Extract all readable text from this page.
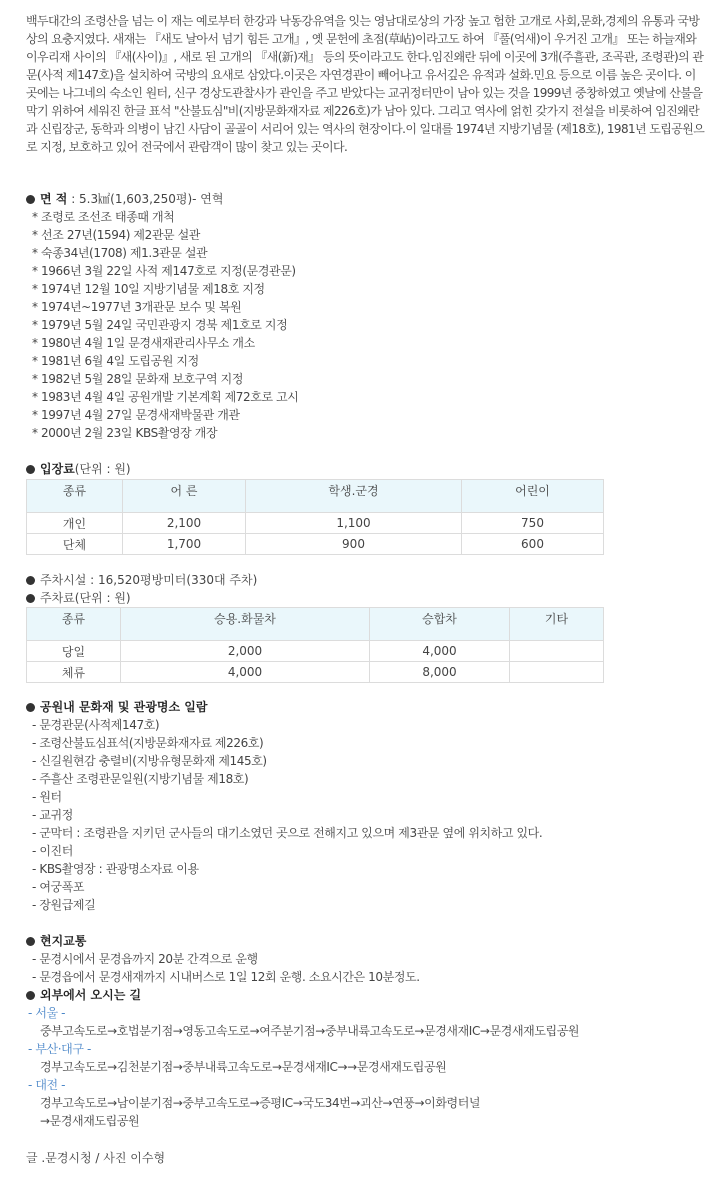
백두대간의 조령산을 넘는 이 재는 예로부터 한강과 낙동강유역을 잇는 영남대로상의 가장 높고 험한 고개로 사회,문화,경제의 유통과 국방상의 요충지였다. 새재는 『새도 날아서 넘기 힘든 고개』, 옛 문헌에 초점(草岾)이라고도 하여 『풀(억새)이 우거진 고개』 또는 하늘재와 이우리재 사이의 『새(사이)』, 새로 된 고개의 『새(新)재』 등의 뜻이라고도 한다.임진왜란 뒤에 이곳에 3개(주흘관, 조곡관, 조령관)의 관문(사적 제147호)을 설치하여 국방의 요새로 삼았다.이곳은 자연경관이 빼어나고 유서깊은 유적과 설화.민요 등으로 이름 높은 곳이다. 이 곳에는 나그네의 숙소인 원터, 신구 경상도관찰사가 관인을 주고 받았다는 교귀정터만이 남아 있는 것을 1999년 중창하였고 옛날에 산불을 막기 위하여 세워진 한글 표석 "산불됴심"비(지방문화재자료 제226호)가 남아 있다. 그리고 역사에 얽힌 갖가지 전설을 비롯하여 임진왜란과 신립장군, 동학과 의병이 남긴 사담이 골골이 서리어 있는 역사의 현장이다.이 일대를 1974년 지방기념물 (제18호), 1981년 도립공원으로 지정, 보호하고 있어 전국에서 관람객이 많이 찾고 있는 곳이다.

면 적 : 5.3㎢(1,603,250평)- 연혁
* 조령로 조선조 태종때 개척
* 선조 27년(1594) 제2관문 설관
* 숙종34년(1708) 제1.3관문 설관
* 1966년 3월 22일 사적 제147호로 지정(문경관문)
* 1974년 12월 10일 지방기념물 제18호 지정
* 1974년~1977년 3개관문 보수 및 복원
* 1979년 5월 24일 국민관광지 경북 제1호로 지정
* 1980년 4월 1일 문경새재관리사무소 개소
* 1981년 6월 4일 도립공원 지정
* 1982년 5월 28일 문화재 보호구역 지정
* 1983년 4월 4일 공원개발 기본계획 제72호로 고시
* 1997년 4월 27일 문경새재박물관 개관
* 2000년 2월 23일 KBS촬영장 개장
입장료(단위 : 원)
종류	어 른	학생.군경	어린이
개인	2,100	1,100	750
단체	1,700	900	600
주차시설 : 16,520평방미터(330대 주차)
주차료(단위 : 원)
종류	승용.화물차	승합차	기타
당일	2,000	4,000	
체류	4,000	8,000	
공원내 문화재 및 관광명소 일람
- 문경관문(사적제147호)
- 조령산불됴심표석(지방문화재자료 제226호)
- 신길원현감 충렬비(지방유형문화재 제145호)
- 주흘산 조령관문일원(지방기념물 제18호)
- 원터
- 교귀정
- 군막터 : 조령관을 지키던 군사들의 대기소였던 곳으로 전해지고 있으며 제3관문 옆에 위치하고 있다.
- 이진터
- KBS촬영장 : 관광명소자료 이용
- 여궁폭포
- 장원급제길
현지교통
- 문경시에서 문경읍까지 20분 간격으로 운행
- 문경읍에서 문경새재까지 시내버스로 1일 12회 운행. 소요시간은 10분정도.
외부에서 오시는 길
- 서울 -
중부고속도로→호법분기점→영동고속도로→여주분기점→중부내륙고속도로→문경새재IC→문경새재도립공원
- 부산·대구 -
경부고속도로→김천분기점→중부내륙고속도로→문경새재IC→→문경새재도립공원
- 대전 -
경부고속도로→남이분기점→중부고속도로→증평IC→국도34번→괴산→연풍→이화령터널
→문경새재도립공원
글 .문경시청 / 사진 이수형
